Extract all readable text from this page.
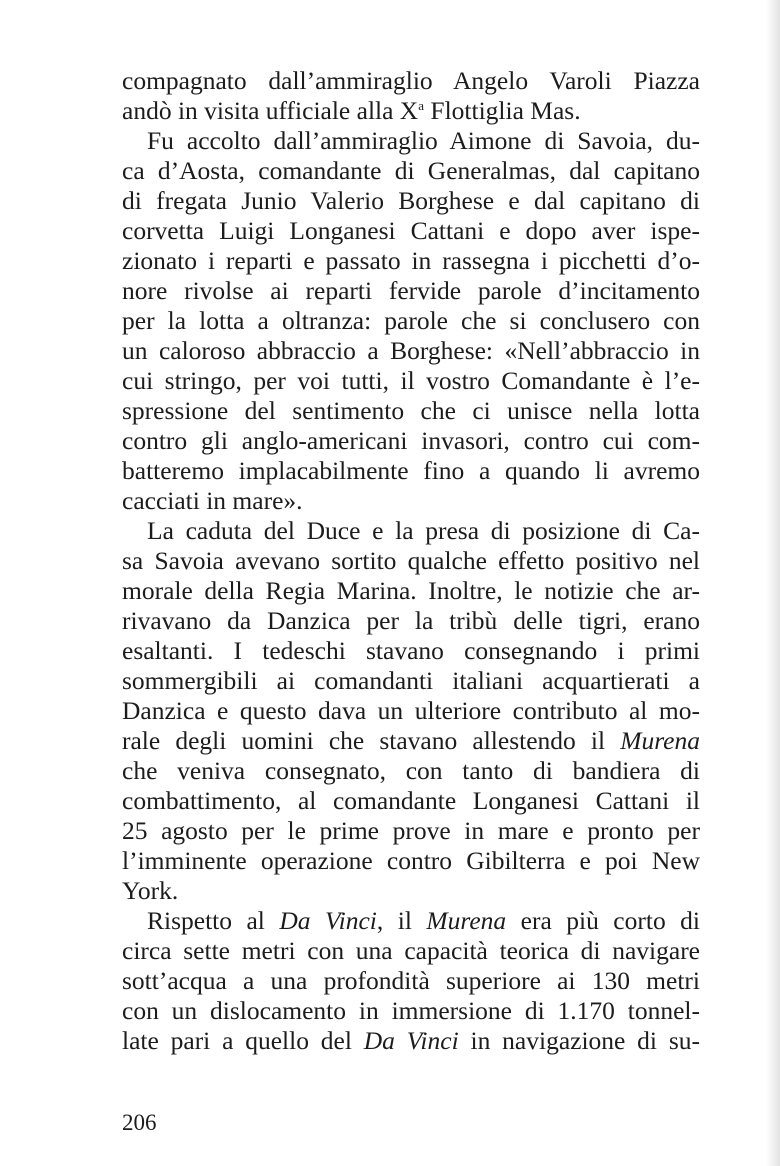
compagnato dall’ammiraglio Angelo Varoli Piazza
andò in visita ufficiale alla $X^a$ Flottiglia Mas.
Fu accolto dall’ammiraglio Aimone di Savoia, du-
ca d’Aosta, comandante di Generalmas, dal capitano
di fregata Junio Valerio Borghese e dal capitano di
corvetta Luigi Longanesi Cattani e dopo aver ispe-
zionato i reparti e passato in rassegna i picchetti d’o-
nore rivolse ai reparti fervide parole d’incitamento
per la lotta a oltranza: parole che si conclusero con
un caloroso abbraccio a Borghese: «Nell’abbraccio in
cui stringo, per voi tutti, il vostro Comandante è l’e-
spressione del sentimento che ci unisce nella lotta
contro gli anglo-americani invasori, contro cui com-
batteremo implacabilmente fino a quando li avremo
cacciati in mare».
La caduta del Duce e la presa di posizione di Ca-
sa Savoia avevano sortito qualche effetto positivo nel
morale della Regia Marina. Inoltre, le notizie che ar-
rivavano da Danzica per la tribù delle tigri, erano
esaltanti. I tedeschi stavano consegnando i primi
sommergibili ai comandanti italiani acquartierati a
Danzica e questo dava un ulteriore contributo al mo-
rale degli uomini che stavano allestendo il Murena
che veniva consegnato, con tanto di bandiera di
combattimento, al comandante Longanesi Cattani il
25 agosto per le prime prove in mare e pronto per
l’imminente operazione contro Gibilterra e poi New
York.
Rispetto al Da Vinci, il Murena era più corto di
circa sette metri con una capacità teorica di navigare
sott’acqua a una profondità superiore ai 130 metri
con un dislocamento in immersione di 1.170 tonnel-
late pari a quello del Da Vinci in navigazione di su-
206
